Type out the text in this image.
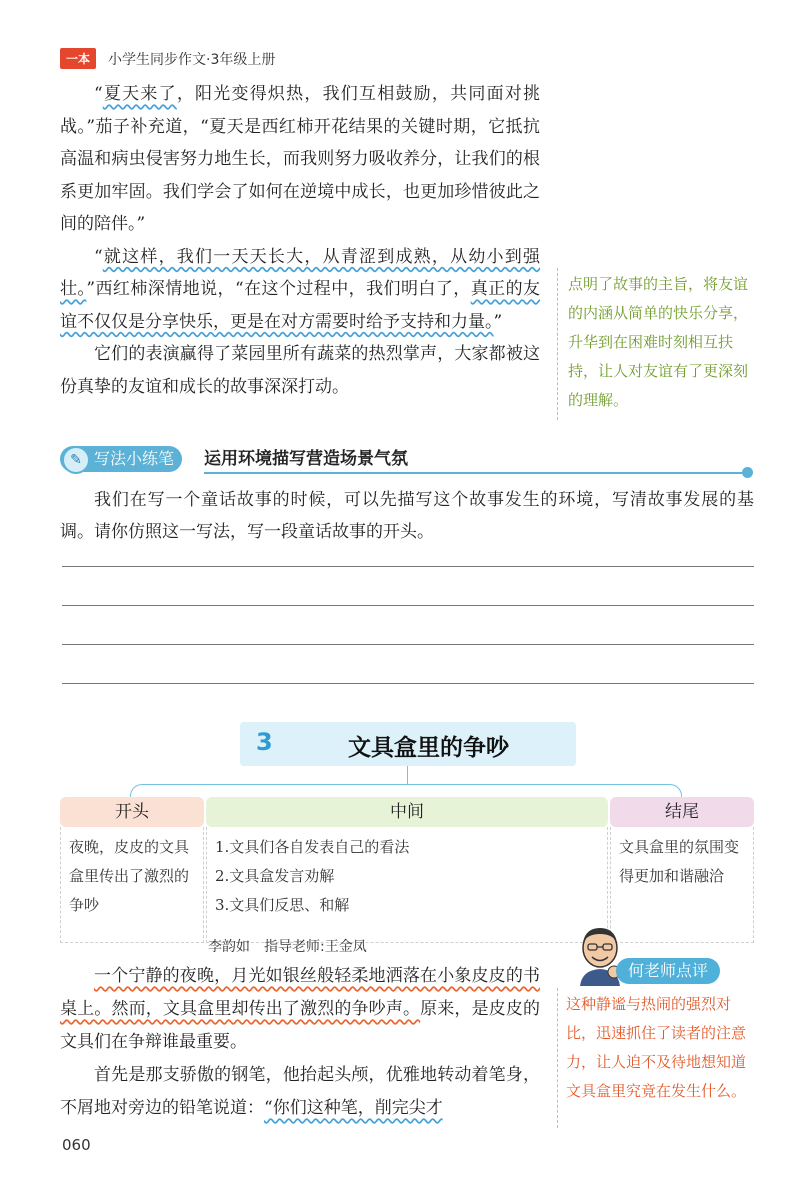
一本	小学生同步作文·3年级上册

“夏天来了，阳光变得炽热，我们互相鼓励，共同面对挑战。”茄子补充道，“夏天是西红柿开花结果的关键时期，它抵抗高温和病虫侵害努力地生长，而我则努力吸收养分，让我们的根系更加牢固。我们学会了如何在逆境中成长，也更加珍惜彼此之间的陪伴。”

“就这样，我们一天天长大，从青涩到成熟，从幼小到强壮。”西红柿深情地说，“在这个过程中，我们明白了，真正的友谊不仅仅是分享快乐，更是在对方需要时给予支持和力量。”

它们的表演赢得了菜园里所有蔬菜的热烈掌声，大家都被这份真挚的友谊和成长的故事深深打动。

点明了故事的主旨，将友谊的内涵从简单的快乐分享，升华到在困难时刻相互扶持，让人对友谊有了更深刻的理解。
✎ 写法小练笔	运用环境描写营造场景气氛

我们在写一个童话故事的时候，可以先描写这个故事发生的环境，写清故事发展的基调。请你仿照这一写法，写一段童话故事的开头。

3	文具盒里的争吵
开头
夜晚，皮皮的文具盒里传出了激烈的争吵
中间
1.文具们各自发表自己的看法
2.文具盒发言劝解
3.文具们反思、和解
结尾
文具盒里的氛围变得更加和谐融洽
李韵如　指导老师:王金凤

一个宁静的夜晚，月光如银丝般轻柔地洒落在小象皮皮的书桌上。然而，文具盒里却传出了激烈的争吵声。原来，是皮皮的文具们在争辩谁最重要。

首先是那支骄傲的钢笔，他抬起头颅，优雅地转动着笔身，不屑地对旁边的铅笔说道：“你们这种笔，削完尖才

何老师点评
这种静谧与热闹的强烈对比，迅速抓住了读者的注意力，让人迫不及待地想知道文具盒里究竟在发生什么。
060
